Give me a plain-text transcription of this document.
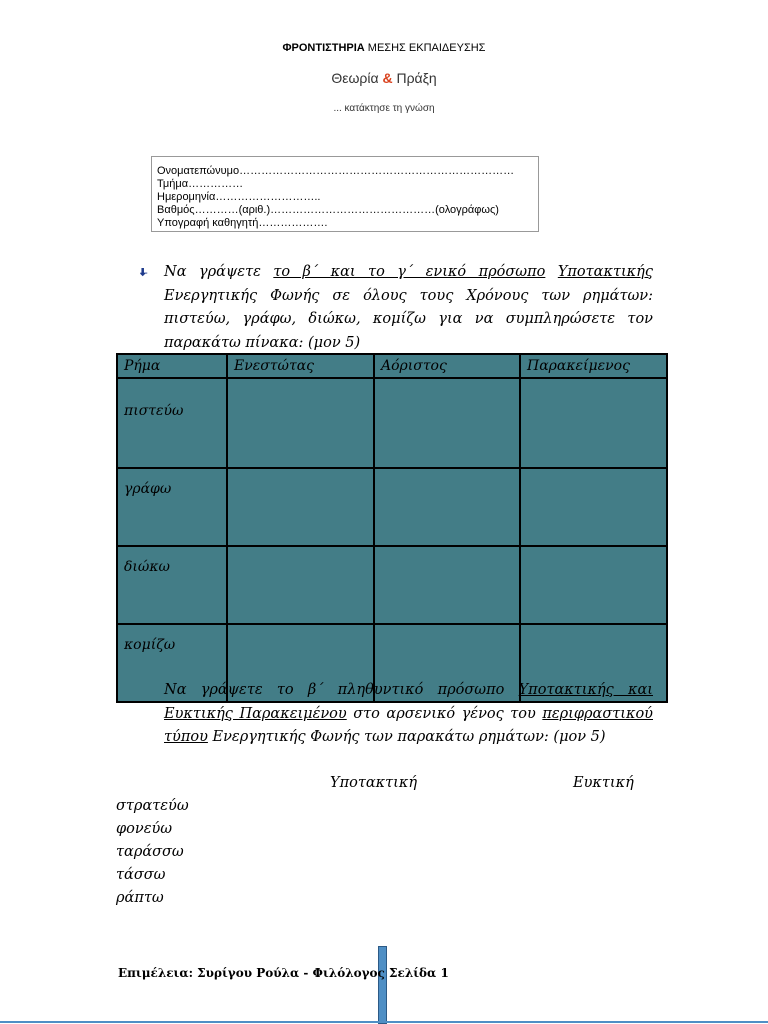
ΦΡΟΝΤΙΣΤΗΡΙΑ ΜΕΣΗΣ ΕΚΠΑΙΔΕΥΣΗΣ
Θεωρία & Πράξη
... κατάκτησε τη γνώση
Ονοματεπώνυμο…………………………………………………………………
Τμήμα……………
Ημερομηνία………………………..
Βαθμός…………(αριθ.)………………………………………(ολογράφως)
Υπογραφή καθηγητή……………….
⬇ Να γράψετε το β΄ και το γ΄ ενικό πρόσωπο Υποτακτικής Ενεργητικής Φωνής σε όλους τους Χρόνους των ρημάτων: πιστεύω, γράφω, διώκω, κομίζω για να συμπληρώσετε τον παρακάτω πίνακα: (μον 5)
Ρήμα	Ενεστώτας	Αόριστος	Παρακείμενος
πιστεύω			
γράφω			
διώκω			
κομίζω			
Να γράψετε το β΄ πληθυντικό πρόσωπο Υποτακτικής και Ευκτικής Παρακειμένου στο αρσενικό γένος του περιφραστικού τύπου Ενεργητικής Φωνής των παρακάτω ρημάτων: (μον 5)
Υποτακτική	Ευκτική
στρατεύω
φονεύω
ταράσσω
τάσσω
ράπτω
Επιμέλεια: Συρίγου Ρούλα - Φιλόλογος Σελίδα 1
